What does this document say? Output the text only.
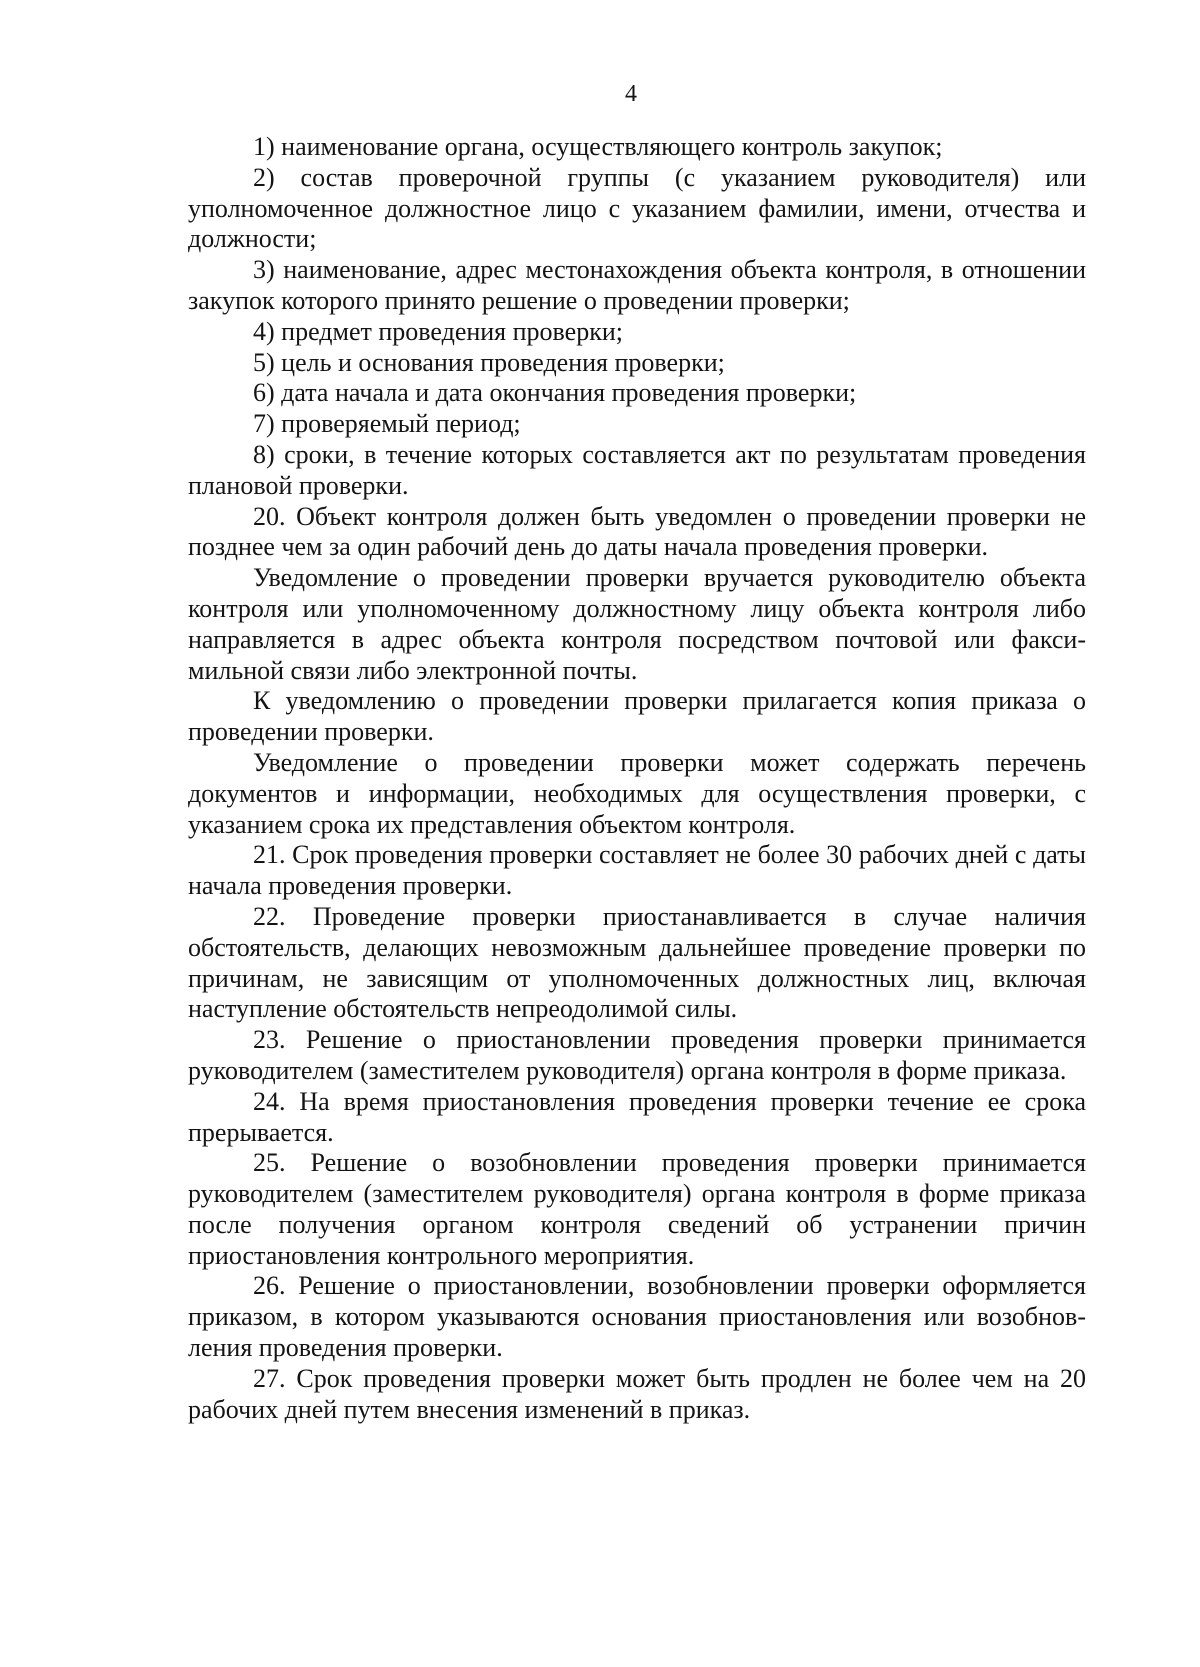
4

1) наименование органа, осуществляющего контроль закупок;

2) состав проверочной группы (с указанием руководителя) или уполномоченное должностное лицо с указанием фамилии, имени, отчества и должности;

3) наименование, адрес местонахождения объекта контроля, в отношении закупок которого принято решение о проведении проверки;

4) предмет проведения проверки;

5) цель и основания проведения проверки;

6) дата начала и дата окончания проведения проверки;

7) проверяемый период;

8) сроки, в течение которых составляется акт по результатам проведения плановой проверки.

20. Объект контроля должен быть уведомлен о проведении проверки не позднее чем за один рабочий день до даты начала проведения проверки.

Уведомление о проведении проверки вручается руководителю объекта контроля или уполномоченному должностному лицу объекта контроля либо направляется в адрес объекта контроля посредством почтовой или факсимильной связи либо электронной почты.

К уведомлению о проведении проверки прилагается копия приказа о проведении проверки.

Уведомление о проведении проверки может содержать перечень документов и информации, необходимых для осуществления проверки, с указанием срока их представления объектом контроля.

21. Срок проведения проверки составляет не более 30 рабочих дней с даты начала проведения проверки.

22. Проведение проверки приостанавливается в случае наличия обстоятельств, делающих невозможным дальнейшее проведение проверки по причинам, не зависящим от уполномоченных должностных лиц, включая наступление обстоятельств непреодолимой силы.

23. Решение о приостановлении проведения проверки принимается руководителем (заместителем руководителя) органа контроля в форме приказа.

24. На время приостановления проведения проверки течение ее срока прерывается.

25. Решение о возобновлении проведения проверки принимается руководителем (заместителем руководителя) органа контроля в форме приказа после получения органом контроля сведений об устранении причин приостановления контрольного мероприятия.

26. Решение о приостановлении, возобновлении проверки оформляется приказом, в котором указываются основания приостановления или возобновления проведения проверки.

27. Срок проведения проверки может быть продлен не более чем на 20 рабочих дней путем внесения изменений в приказ.
